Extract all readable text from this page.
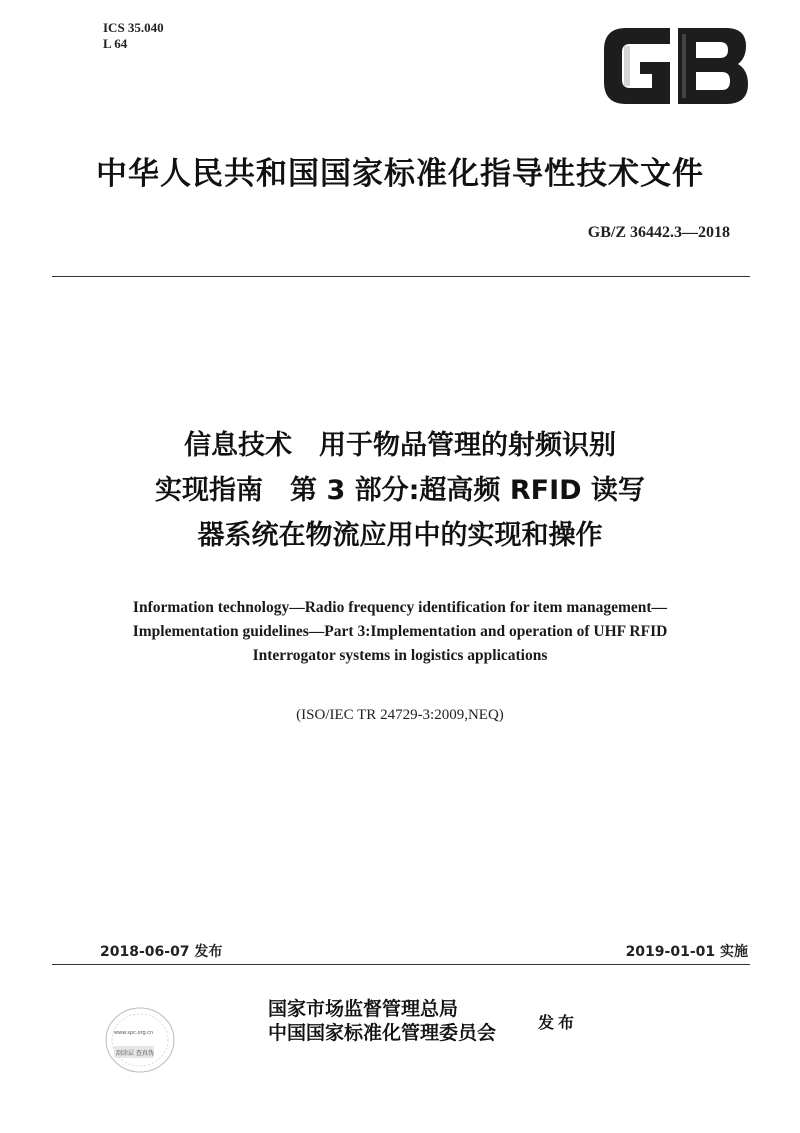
ICS 35.040
L 64
中华人民共和国国家标准化指导性技术文件
GB/Z 36442.3—2018
信息技术　用于物品管理的射频识别
实现指南　第 3 部分:超高频 RFID 读写
器系统在物流应用中的实现和操作
Information technology—Radio frequency identification for item management—
Implementation guidelines—Part 3:Implementation and operation of UHF RFID
Interrogator systems in logistics applications
(ISO/IEC TR 24729-3:2009,NEQ)
2018-06-07 发布	2019-01-01 实施
www.spc.org.cn
刮涂层 查真伪
国家市场监督管理总局
中国国家标准化管理委员会	发布
